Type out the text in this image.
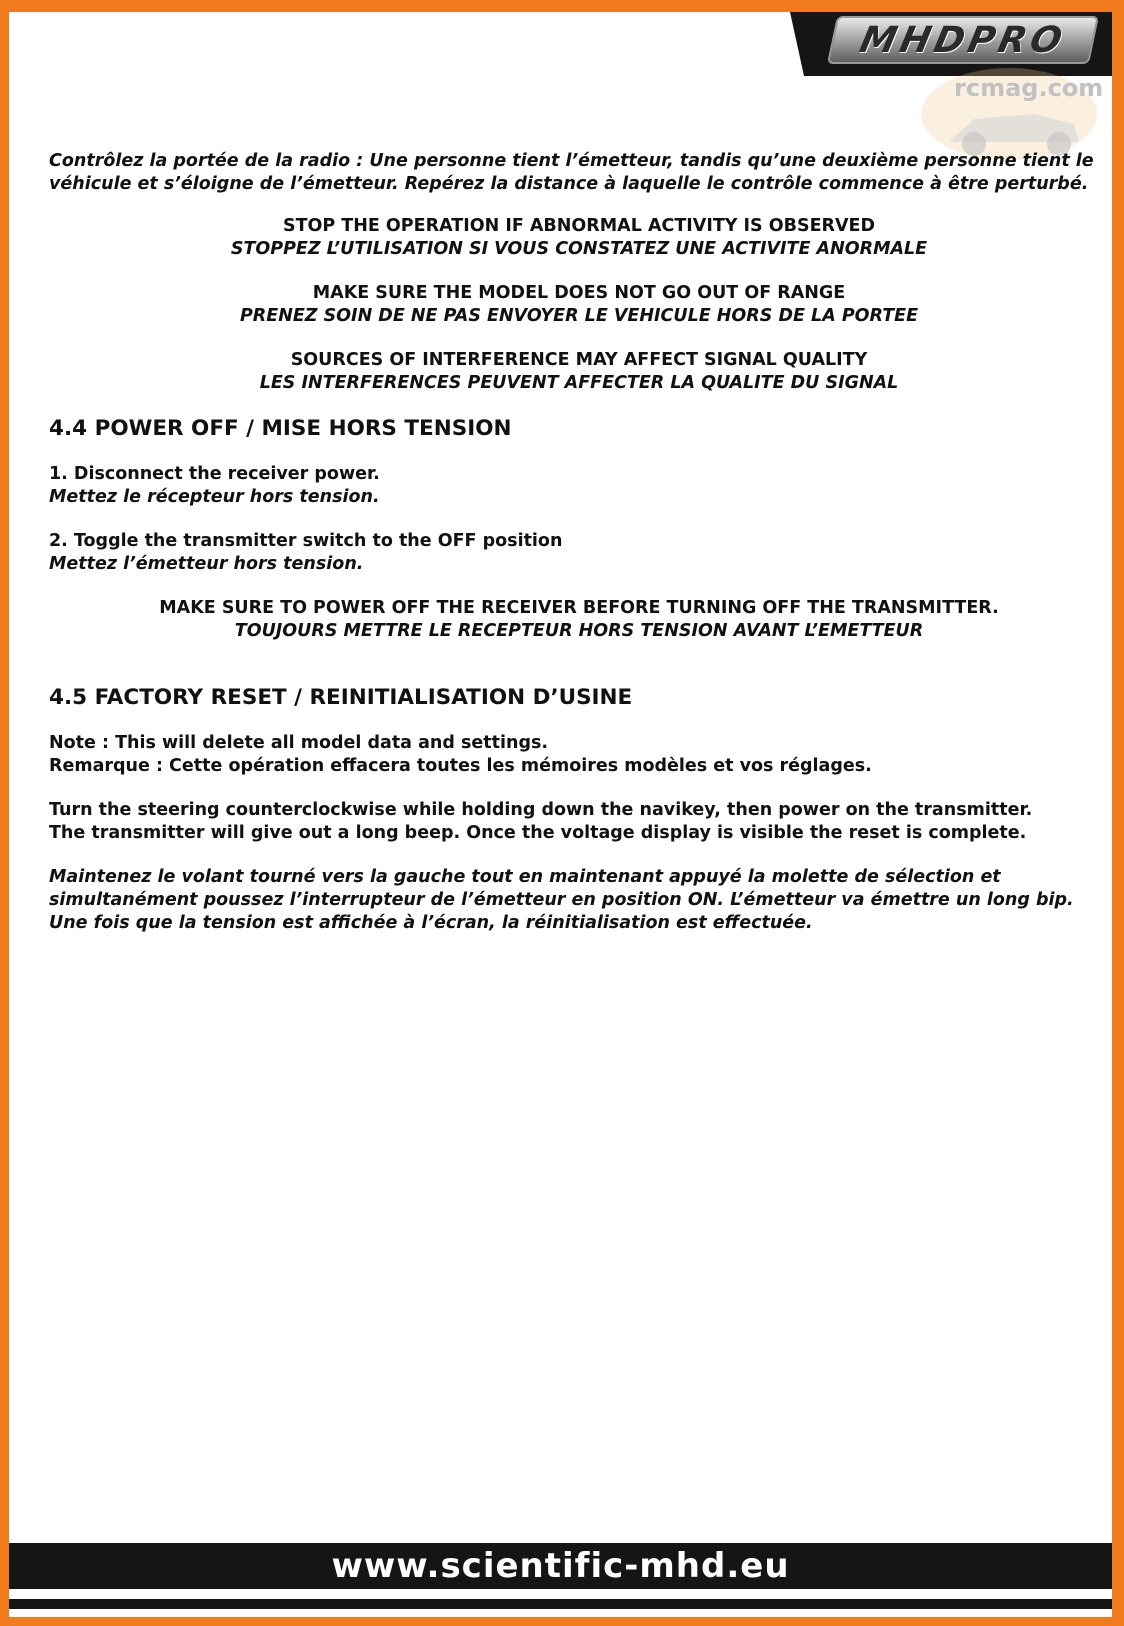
MHDPRO
rcmag.com

Contrôlez la portée de la radio : Une personne tient l’émetteur, tandis qu’une deuxième personne tient le véhicule et s’éloigne de l’émetteur. Repérez la distance à laquelle le contrôle commence à être perturbé.

STOP THE OPERATION IF ABNORMAL ACTIVITY IS OBSERVED

STOPPEZ L’UTILISATION SI VOUS CONSTATEZ UNE ACTIVITE ANORMALE

MAKE SURE THE MODEL DOES NOT GO OUT OF RANGE

PRENEZ SOIN DE NE PAS ENVOYER LE VEHICULE HORS DE LA PORTEE

SOURCES OF INTERFERENCE MAY AFFECT SIGNAL QUALITY

LES INTERFERENCES PEUVENT AFFECTER LA QUALITE DU SIGNAL

4.4 POWER OFF / MISE HORS TENSION

1. Disconnect the receiver power.

Mettez le récepteur hors tension.

2. Toggle the transmitter switch to the OFF position

Mettez l’émetteur hors tension.

MAKE SURE TO POWER OFF THE RECEIVER BEFORE TURNING OFF THE TRANSMITTER.

TOUJOURS METTRE LE RECEPTEUR HORS TENSION AVANT L’EMETTEUR

4.5 FACTORY RESET / REINITIALISATION D’USINE

Note : This will delete all model data and settings.

Remarque : Cette opération effacera toutes les mémoires modèles et vos réglages.

Turn the steering counterclockwise while holding down the navikey, then power on the transmitter.

The transmitter will give out a long beep. Once the voltage display is visible the reset is complete.

Maintenez le volant tourné vers la gauche tout en maintenant appuyé la molette de sélection et simultanément poussez l’interrupteur de l’émetteur en position ON. L’émetteur va émettre un long bip. Une fois que la tension est affichée à l’écran, la réinitialisation est effectuée.

www.scientific-mhd.eu
